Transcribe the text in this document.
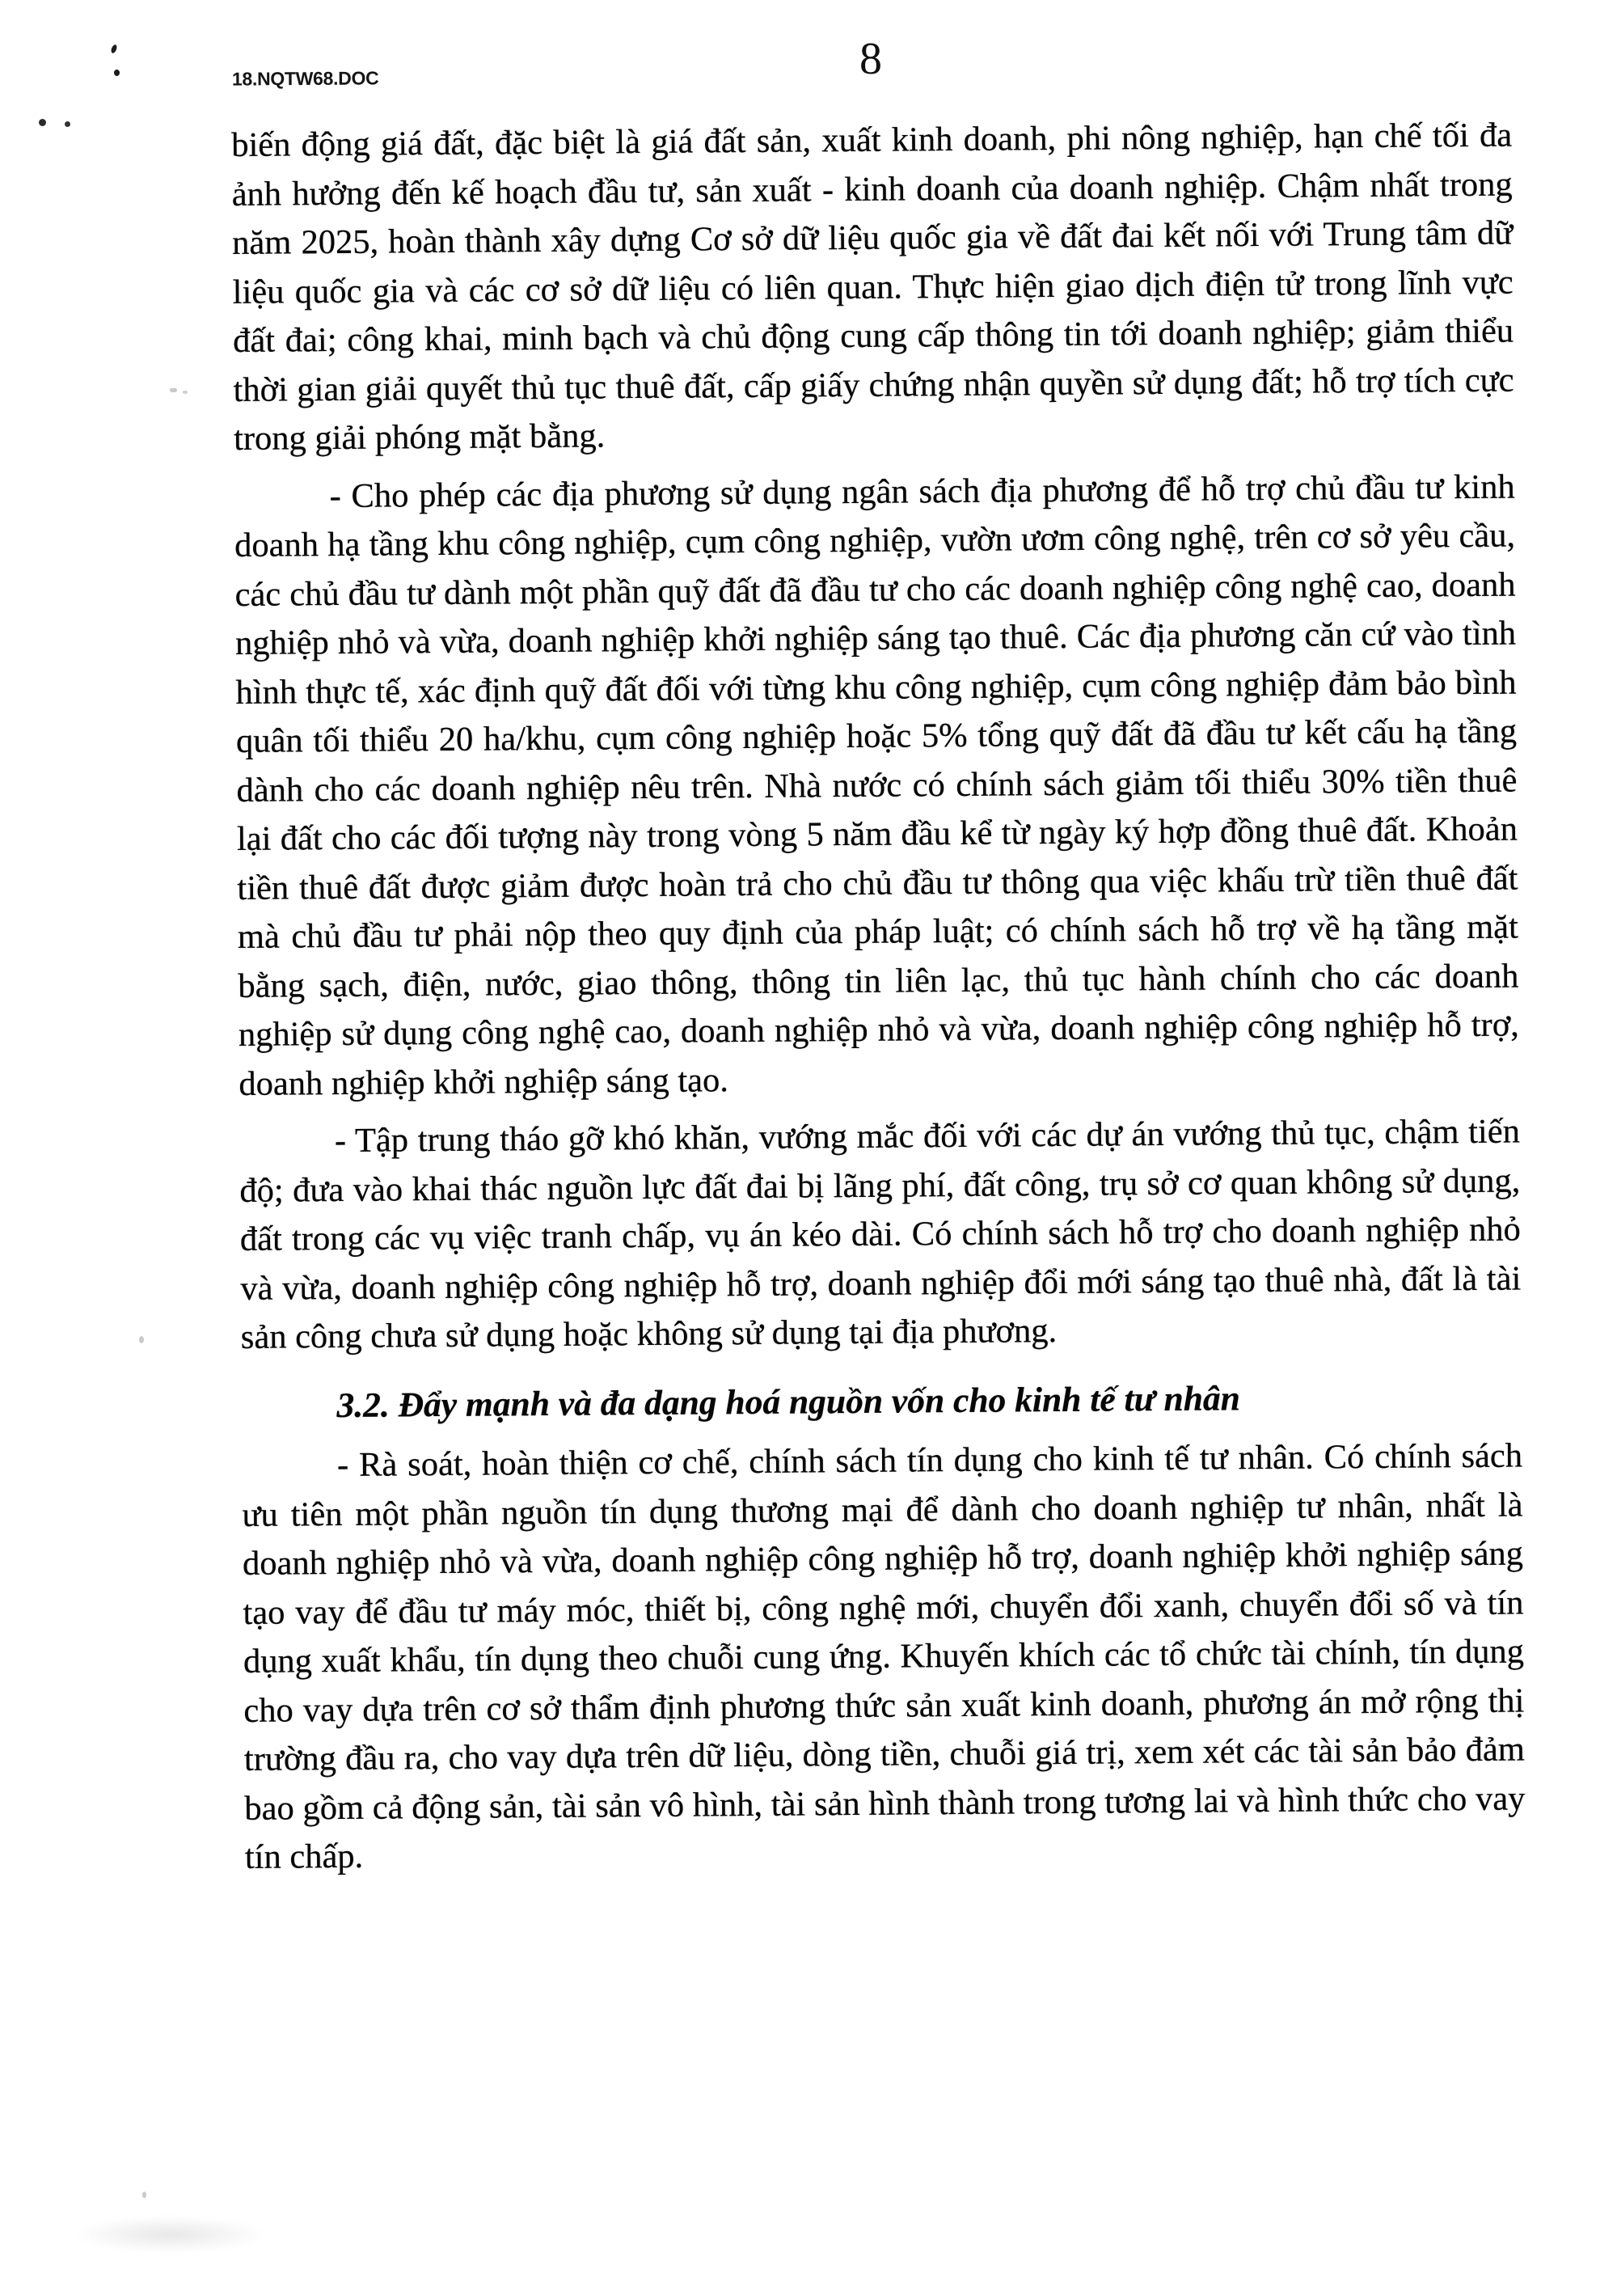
18.NQTW68.DOC	8

biến động giá đất, đặc biệt là giá đất sản, xuất kinh doanh, phi nông nghiệp, hạn chế tối đa ảnh hưởng đến kế hoạch đầu tư, sản xuất - kinh doanh của doanh nghiệp. Chậm nhất trong năm 2025, hoàn thành xây dựng Cơ sở dữ liệu quốc gia về đất đai kết nối với Trung tâm dữ liệu quốc gia và các cơ sở dữ liệu có liên quan. Thực hiện giao dịch điện tử trong lĩnh vực đất đai; công khai, minh bạch và chủ động cung cấp thông tin tới doanh nghiệp; giảm thiểu thời gian giải quyết thủ tục thuê đất, cấp giấy chứng nhận quyền sử dụng đất; hỗ trợ tích cực trong giải phóng mặt bằng.

- Cho phép các địa phương sử dụng ngân sách địa phương để hỗ trợ chủ đầu tư kinh doanh hạ tầng khu công nghiệp, cụm công nghiệp, vườn ươm công nghệ, trên cơ sở yêu cầu, các chủ đầu tư dành một phần quỹ đất đã đầu tư cho các doanh nghiệp công nghệ cao, doanh nghiệp nhỏ và vừa, doanh nghiệp khởi nghiệp sáng tạo thuê. Các địa phương căn cứ vào tình hình thực tế, xác định quỹ đất đối với từng khu công nghiệp, cụm công nghiệp đảm bảo bình quân tối thiểu 20 ha/khu, cụm công nghiệp hoặc 5% tổng quỹ đất đã đầu tư kết cấu hạ tầng dành cho các doanh nghiệp nêu trên. Nhà nước có chính sách giảm tối thiểu 30% tiền thuê lại đất cho các đối tượng này trong vòng 5 năm đầu kể từ ngày ký hợp đồng thuê đất. Khoản tiền thuê đất được giảm được hoàn trả cho chủ đầu tư thông qua việc khấu trừ tiền thuê đất mà chủ đầu tư phải nộp theo quy định của pháp luật; có chính sách hỗ trợ về hạ tầng mặt bằng sạch, điện, nước, giao thông, thông tin liên lạc, thủ tục hành chính cho các doanh nghiệp sử dụng công nghệ cao, doanh nghiệp nhỏ và vừa, doanh nghiệp công nghiệp hỗ trợ, doanh nghiệp khởi nghiệp sáng tạo.

- Tập trung tháo gỡ khó khăn, vướng mắc đối với các dự án vướng thủ tục, chậm tiến độ; đưa vào khai thác nguồn lực đất đai bị lãng phí, đất công, trụ sở cơ quan không sử dụng, đất trong các vụ việc tranh chấp, vụ án kéo dài. Có chính sách hỗ trợ cho doanh nghiệp nhỏ và vừa, doanh nghiệp công nghiệp hỗ trợ, doanh nghiệp đổi mới sáng tạo thuê nhà, đất là tài sản công chưa sử dụng hoặc không sử dụng tại địa phương.

3.2. Đẩy mạnh và đa dạng hoá nguồn vốn cho kinh tế tư nhân

- Rà soát, hoàn thiện cơ chế, chính sách tín dụng cho kinh tế tư nhân. Có chính sách ưu tiên một phần nguồn tín dụng thương mại để dành cho doanh nghiệp tư nhân, nhất là doanh nghiệp nhỏ và vừa, doanh nghiệp công nghiệp hỗ trợ, doanh nghiệp khởi nghiệp sáng tạo vay để đầu tư máy móc, thiết bị, công nghệ mới, chuyển đổi xanh, chuyển đổi số và tín dụng xuất khẩu, tín dụng theo chuỗi cung ứng. Khuyến khích các tổ chức tài chính, tín dụng cho vay dựa trên cơ sở thẩm định phương thức sản xuất kinh doanh, phương án mở rộng thị trường đầu ra, cho vay dựa trên dữ liệu, dòng tiền, chuỗi giá trị, xem xét các tài sản bảo đảm bao gồm cả động sản, tài sản vô hình, tài sản hình thành trong tương lai và hình thức cho vay tín chấp.
